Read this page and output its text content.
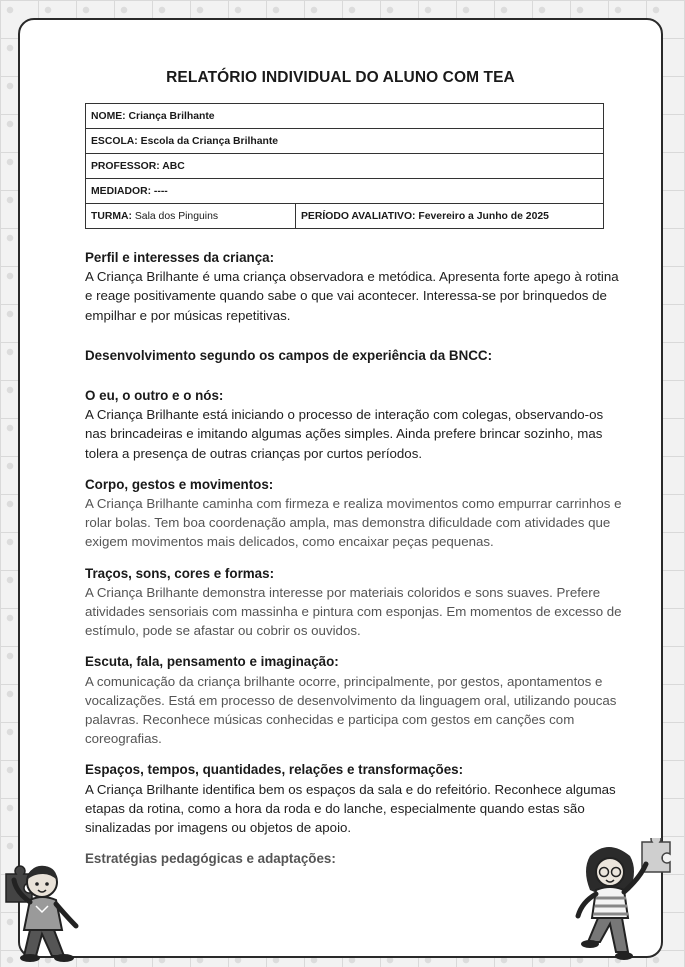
RELATÓRIO INDIVIDUAL DO ALUNO COM TEA
NOME: Criança Brilhante
ESCOLA: Escola da Criança Brilhante
PROFESSOR: ABC
MEDIADOR: ----
TURMA: Sala dos Pinguins	PERÍODO AVALIATIVO: Fevereiro a Junho de 2025
Perfil e interesses da criança:

A Criança Brilhante é uma criança observadora e metódica. Apresenta forte apego à rotina e reage positivamente quando sabe o que vai acontecer. Interessa-se por brinquedos de empilhar e por músicas repetitivas.

Desenvolvimento segundo os campos de experiência da BNCC:
O eu, o outro e o nós:

A Criança Brilhante está iniciando o processo de interação com colegas, observando-os nas brincadeiras e imitando algumas ações simples. Ainda prefere brincar sozinho, mas tolera a presença de outras crianças por curtos períodos.

Corpo, gestos e movimentos:

A Criança Brilhante caminha com firmeza e realiza movimentos como empurrar carrinhos e rolar bolas. Tem boa coordenação ampla, mas demonstra dificuldade com atividades que exigem movimentos mais delicados, como encaixar peças pequenas.

Traços, sons, cores e formas:

A Criança Brilhante demonstra interesse por materiais coloridos e sons suaves. Prefere atividades sensoriais com massinha e pintura com esponjas. Em momentos de excesso de estímulo, pode se afastar ou cobrir os ouvidos.

Escuta, fala, pensamento e imaginação:

A comunicação da criança brilhante ocorre, principalmente, por gestos, apontamentos e vocalizações. Está em processo de desenvolvimento da linguagem oral, utilizando poucas palavras. Reconhece músicas conhecidas e participa com gestos em canções com coreografias.

Espaços, tempos, quantidades, relações e transformações:

A Criança Brilhante identifica bem os espaços da sala e do refeitório. Reconhece algumas etapas da rotina, como a hora da roda e do lanche, especialmente quando estas são sinalizadas por imagens ou objetos de apoio.

Estratégias pedagógicas e adaptações:
